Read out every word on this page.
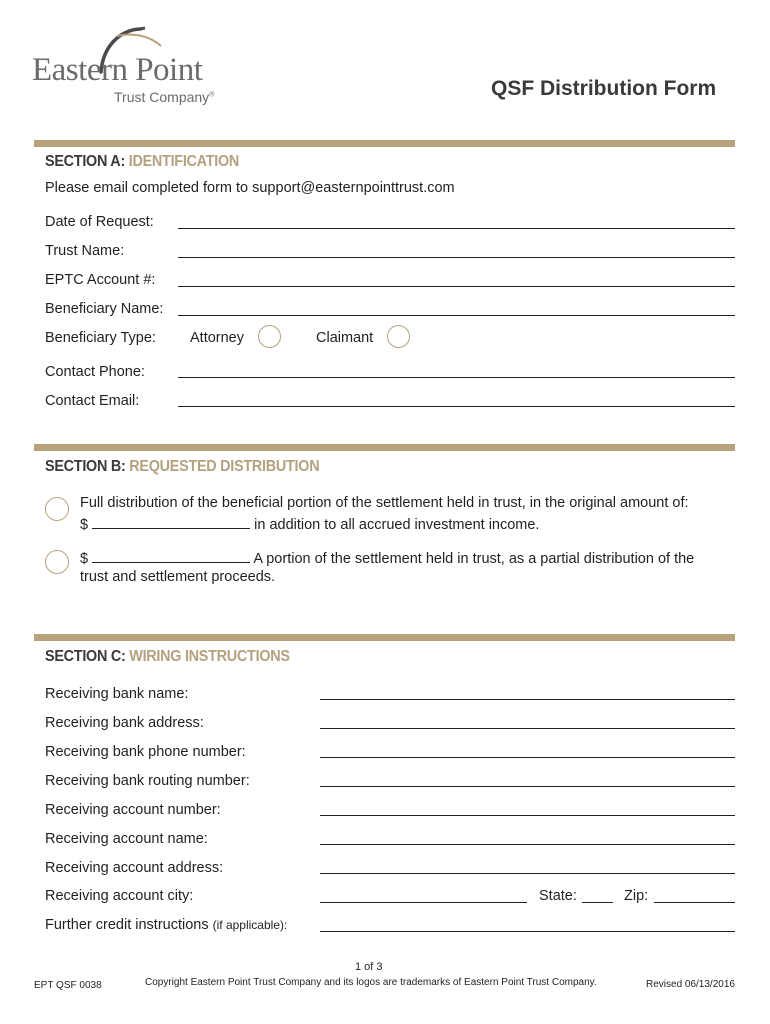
Eastern Point
Trust Company®	QSF Distribution Form
SECTION A: IDENTIFICATION
Please email completed form to support@easternpointtrust.com
Date of Request:
Trust Name:
EPTC Account #:
Beneficiary Name:
Beneficiary Type: Attorney	Claimant
Contact Phone:
Contact Email:
SECTION B: REQUESTED DISTRIBUTION
Full distribution of the beneficial portion of the settlement held in trust, in the original amount of:
$	in addition to all accrued investment income.
$	A portion of the settlement held in trust, as a partial distribution of the
trust and settlement proceeds.
SECTION C: WIRING INSTRUCTIONS
Receiving bank name:
Receiving bank address:
Receiving bank phone number:
Receiving bank routing number:
Receiving account number:
Receiving account name:
Receiving account address:
Receiving account city:	State:	Zip:
Further credit instructions (if applicable):
1 of 3
EPT QSF 0038	Copyright Eastern Point Trust Company and its logos are trademarks of Eastern Point Trust Company.	Revised 06/13/2016
